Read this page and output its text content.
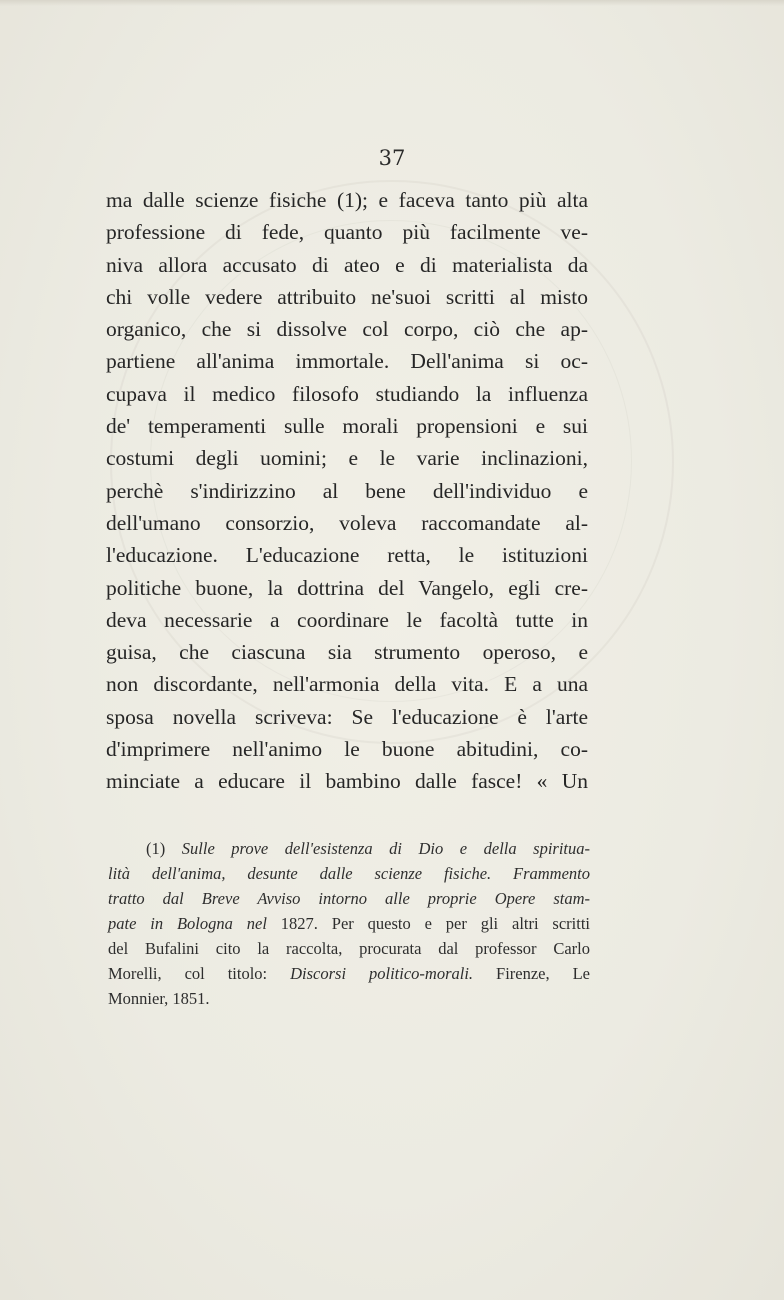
37
ma dalle scienze fisiche (1); e faceva tanto più alta
professione di fede, quanto più facilmente ve-
niva allora accusato di ateo e di materialista da
chi volle vedere attribuito ne'suoi scritti al misto
organico, che si dissolve col corpo, ciò che ap-
partiene all'anima immortale. Dell'anima si oc-
cupava il medico filosofo studiando la influenza
de' temperamenti sulle morali propensioni e sui
costumi degli uomini; e le varie inclinazioni,
perchè s'indirizzino al bene dell'individuo e
dell'umano consorzio, voleva raccomandate al-
l'educazione. L'educazione retta, le istituzioni
politiche buone, la dottrina del Vangelo, egli cre-
deva necessarie a coordinare le facoltà tutte in
guisa, che ciascuna sia strumento operoso, e
non discordante, nell'armonia della vita. E a una
sposa novella scriveva: Se l'educazione è l'arte
d'imprimere nell'animo le buone abitudini, co-
minciate a educare il bambino dalle fasce! « Un
(1) Sulle prove dell'esistenza di Dio e della spiritua-
lità dell'anima, desunte dalle scienze fisiche. Frammento
tratto dal Breve Avviso intorno alle proprie Opere stam-
pate in Bologna nel 1827. Per questo e per gli altri scritti
del Bufalini cito la raccolta, procurata dal professor Carlo
Morelli, col titolo: Discorsi politico-morali. Firenze, Le
Monnier, 1851.
